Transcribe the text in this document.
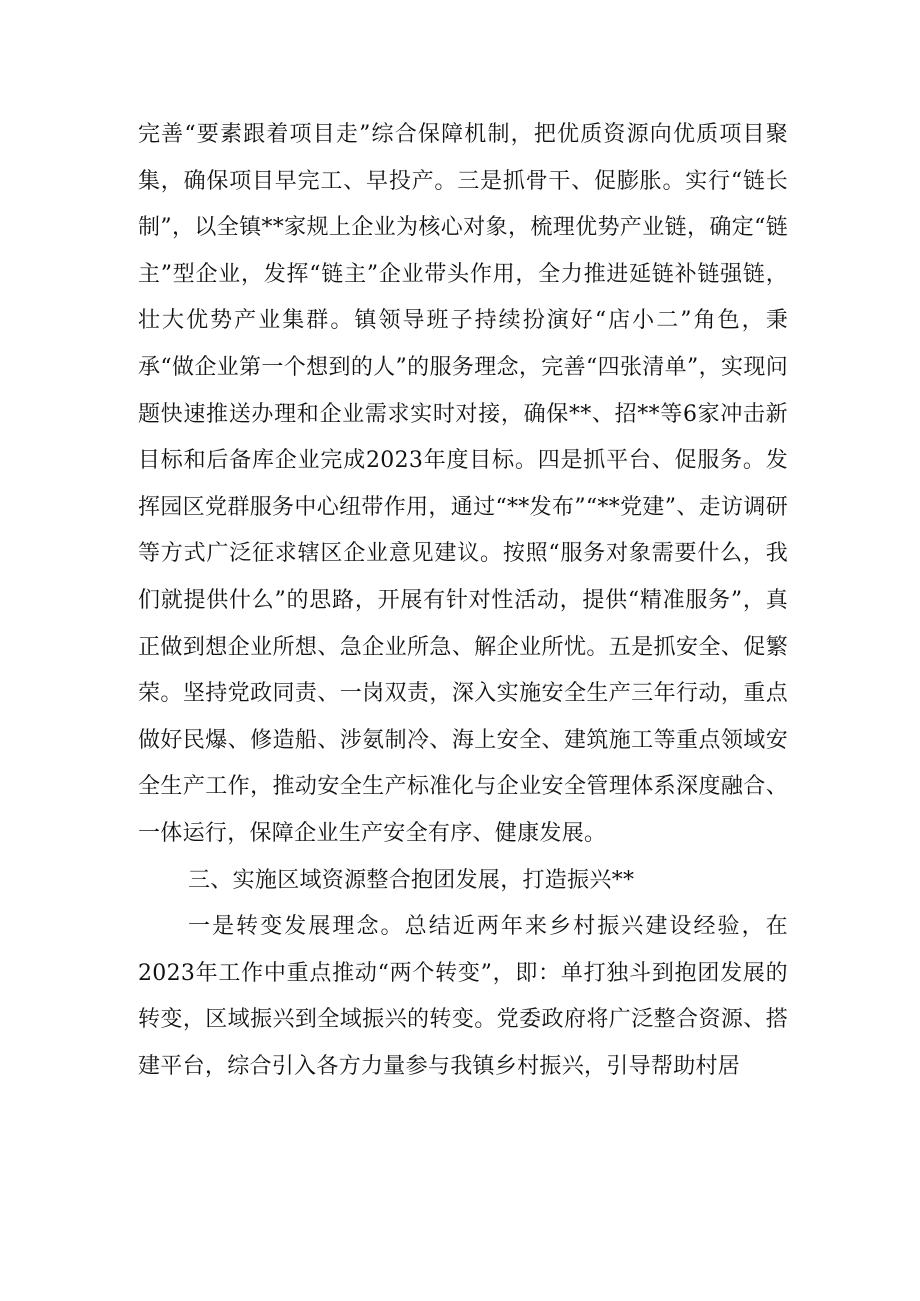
完善“要素跟着项目走”综合保障机制，把优质资源向优质项目聚集，确保项目早完工、早投产。三是抓骨干、促膨胀。实行“链长制”，以全镇**家规上企业为核心对象，梳理优势产业链，确定“链主”型企业，发挥“链主”企业带头作用，全力推进延链补链强链，壮大优势产业集群。镇领导班子持续扮演好“店小二”角色，秉承“做企业第一个想到的人”的服务理念，完善“四张清单”，实现问题快速推送办理和企业需求实时对接，确保**、招**等6家冲击新目标和后备库企业完成2023年度目标。四是抓平台、促服务。发挥园区党群服务中心纽带作用，通过“**发布”“**党建”、走访调研等方式广泛征求辖区企业意见建议。按照“服务对象需要什么，我们就提供什么”的思路，开展有针对性活动，提供“精准服务”，真正做到想企业所想、急企业所急、解企业所忧。五是抓安全、促繁荣。坚持党政同责、一岗双责，深入实施安全生产三年行动，重点做好民爆、修造船、涉氨制冷、海上安全、建筑施工等重点领域安全生产工作，推动安全生产标准化与企业安全管理体系深度融合、一体运行，保障企业生产安全有序、健康发展。

三、实施区域资源整合抱团发展，打造振兴**

一是转变发展理念。总结近两年来乡村振兴建设经验，在2023年工作中重点推动“两个转变”，即：单打独斗到抱团发展的转变，区域振兴到全域振兴的转变。党委政府将广泛整合资源、搭建平台，综合引入各方力量参与我镇乡村振兴，引导帮助村居
